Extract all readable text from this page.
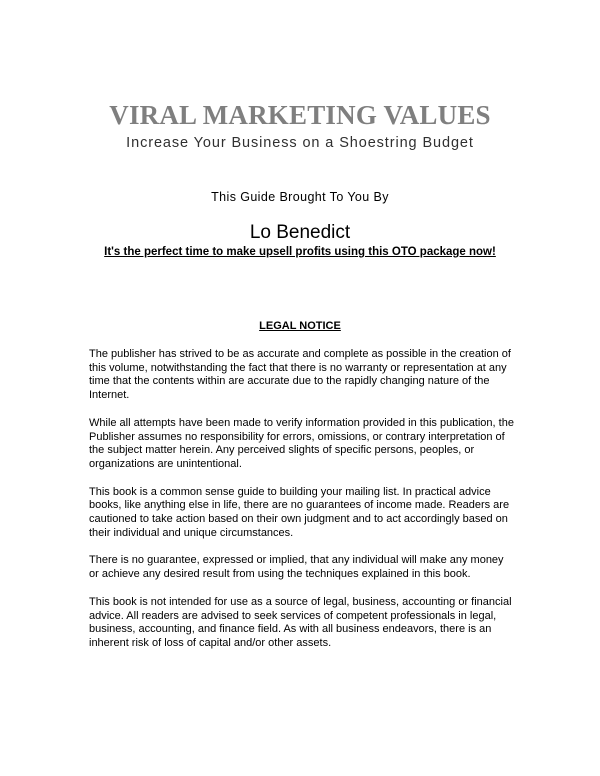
VIRAL MARKETING VALUES
Increase Your Business on a Shoestring Budget
This Guide Brought To You By
Lo Benedict
It's the perfect time to make upsell profits using this OTO package now!
LEGAL NOTICE

The publisher has strived to be as accurate and complete as possible in the creation of this volume, notwithstanding the fact that there is no warranty or representation at any time that the contents within are accurate due to the rapidly changing nature of the Internet.

While all attempts have been made to verify information provided in this publication, the Publisher assumes no responsibility for errors, omissions, or contrary interpretation of the subject matter herein. Any perceived slights of specific persons, peoples, or organizations are unintentional.

This book is a common sense guide to building your mailing list. In practical advice books, like anything else in life, there are no guarantees of income made. Readers are cautioned to take action based on their own judgment and to act accordingly based on their individual and unique circumstances.

There is no guarantee, expressed or implied, that any individual will make any money or achieve any desired result from using the techniques explained in this book.

This book is not intended for use as a source of legal, business, accounting or financial advice. All readers are advised to seek services of competent professionals in legal, business, accounting, and finance field. As with all business endeavors, there is an inherent risk of loss of capital and/or other assets.
